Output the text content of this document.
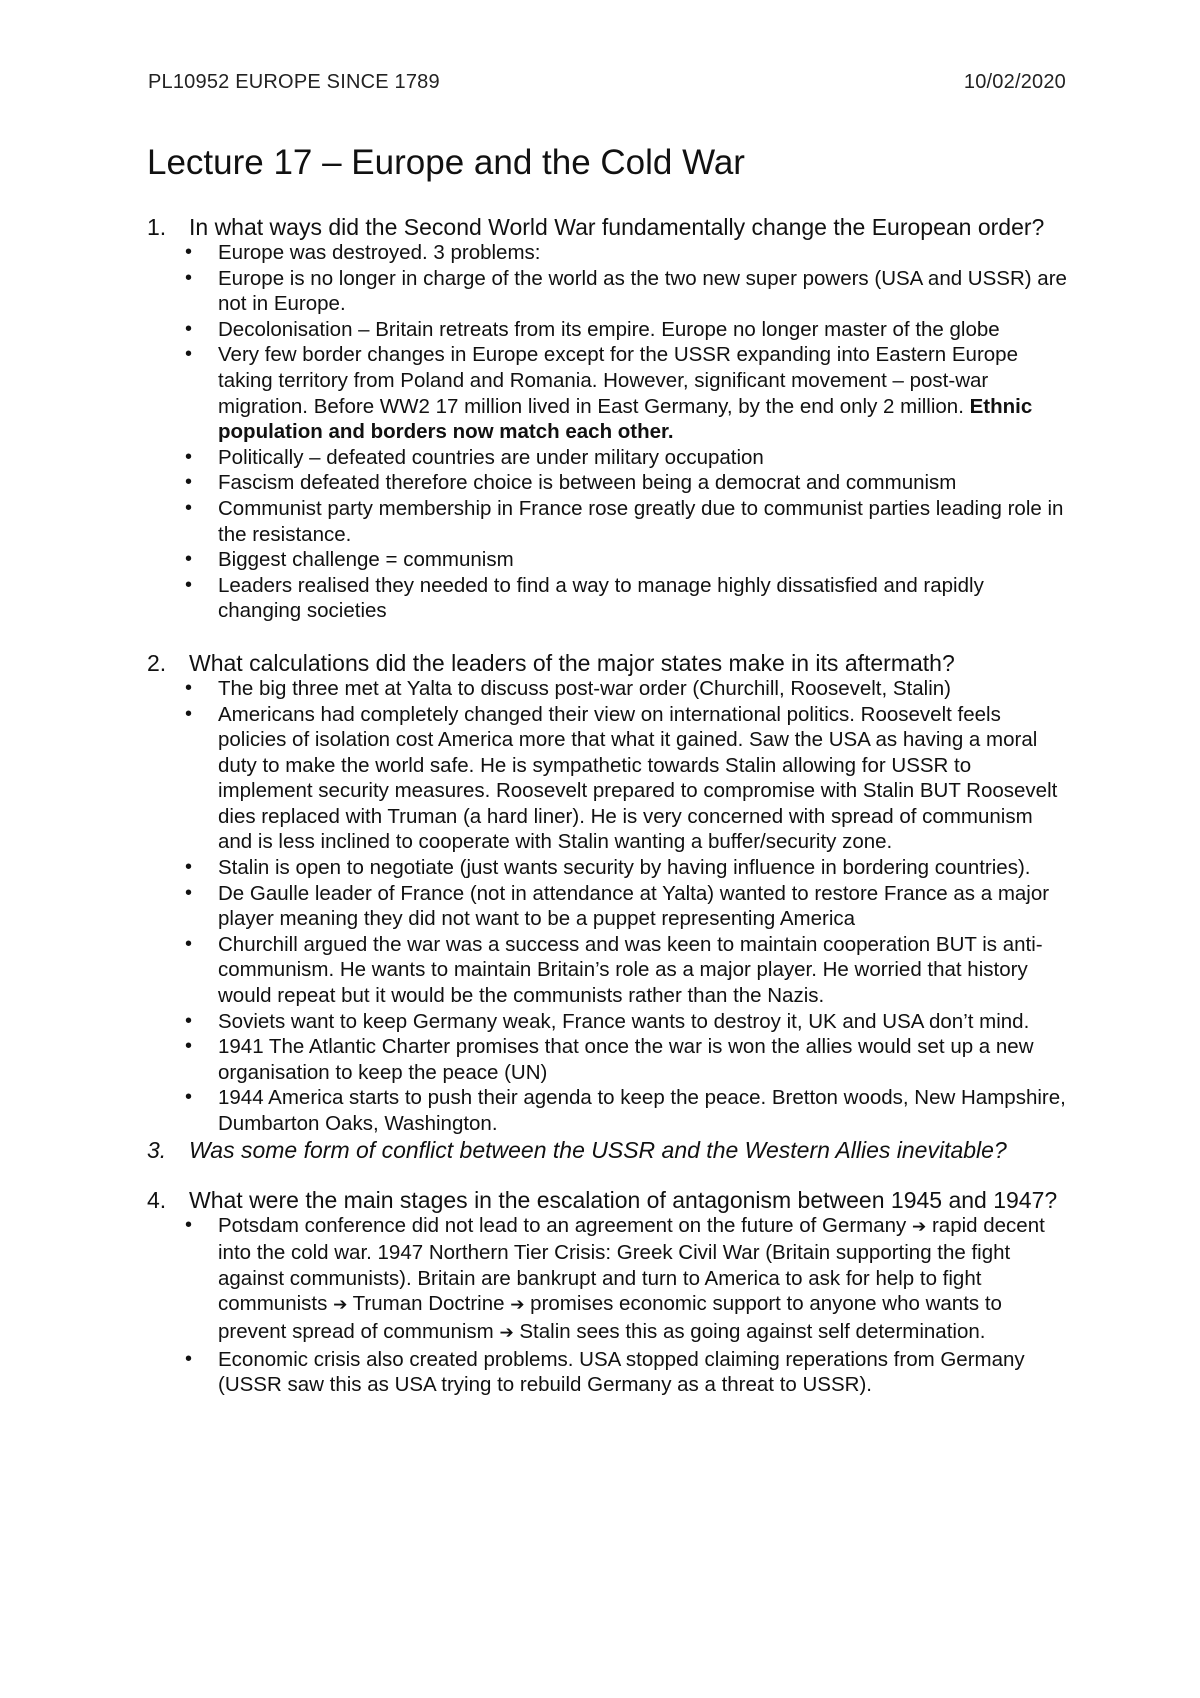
PL10952 EUROPE SINCE 1789	10/02/2020
Lecture 17 – Europe and the Cold War
1. In what ways did the Second World War fundamentally change the European order?
• Europe was destroyed. 3 problems:
• Europe is no longer in charge of the world as the two new super powers (USA and USSR) are not in Europe.
• Decolonisation – Britain retreats from its empire. Europe no longer master of the globe
• Very few border changes in Europe except for the USSR expanding into Eastern Europe taking territory from Poland and Romania. However, significant movement – post-war migration. Before WW2 17 million lived in East Germany, by the end only 2 million. Ethnic population and borders now match each other.
• Politically – defeated countries are under military occupation
• Fascism defeated therefore choice is between being a democrat and communism
• Communist party membership in France rose greatly due to communist parties leading role in the resistance.
• Biggest challenge = communism
• Leaders realised they needed to find a way to manage highly dissatisfied and rapidly changing societies
2. What calculations did the leaders of the major states make in its aftermath?
• The big three met at Yalta to discuss post-war order (Churchill, Roosevelt, Stalin)
• Americans had completely changed their view on international politics. Roosevelt feels policies of isolation cost America more that what it gained. Saw the USA as having a moral duty to make the world safe. He is sympathetic towards Stalin allowing for USSR to implement security measures. Roosevelt prepared to compromise with Stalin BUT Roosevelt dies replaced with Truman (a hard liner). He is very concerned with spread of communism and is less inclined to cooperate with Stalin wanting a buffer/security zone.
• Stalin is open to negotiate (just wants security by having influence in bordering countries).
• De Gaulle leader of France (not in attendance at Yalta) wanted to restore France as a major player meaning they did not want to be a puppet representing America
• Churchill argued the war was a success and was keen to maintain cooperation BUT is anti-communism. He wants to maintain Britain’s role as a major player. He worried that history would repeat but it would be the communists rather than the Nazis.
• Soviets want to keep Germany weak, France wants to destroy it, UK and USA don’t mind.
• 1941 The Atlantic Charter promises that once the war is won the allies would set up a new organisation to keep the peace (UN)
• 1944 America starts to push their agenda to keep the peace. Bretton woods, New Hampshire, Dumbarton Oaks, Washington.
3. Was some form of conflict between the USSR and the Western Allies inevitable?
4. What were the main stages in the escalation of antagonism between 1945 and 1947?
• Potsdam conference did not lead to an agreement on the future of Germany ➔ rapid decent into the cold war. 1947 Northern Tier Crisis: Greek Civil War (Britain supporting the fight against communists). Britain are bankrupt and turn to America to ask for help to fight communists ➔ Truman Doctrine ➔ promises economic support to anyone who wants to prevent spread of communism ➔ Stalin sees this as going against self determination.
• Economic crisis also created problems. USA stopped claiming reperations from Germany (USSR saw this as USA trying to rebuild Germany as a threat to USSR).
